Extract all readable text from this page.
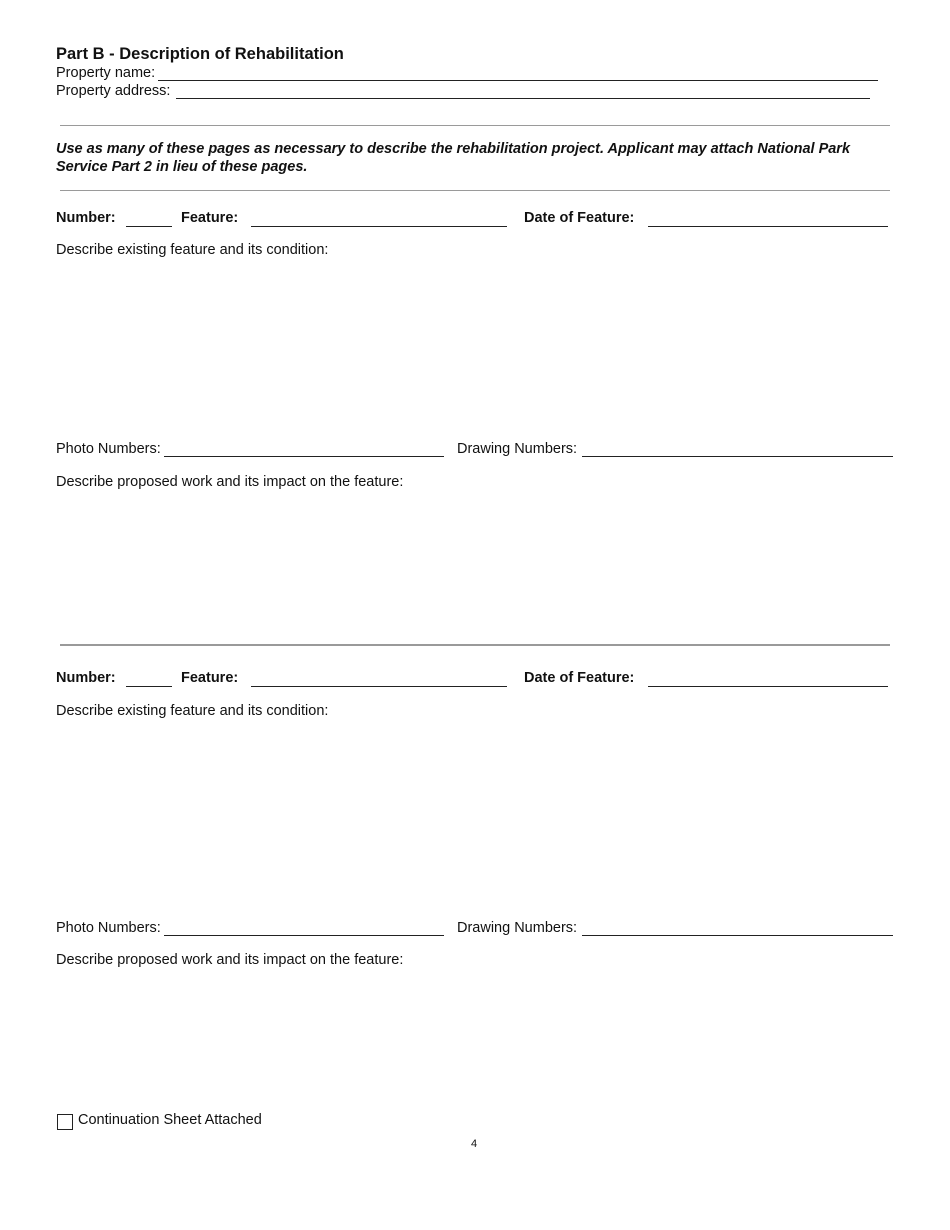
Part B - Description of Rehabilitation
Property name:
Property address:
Use as many of these pages as necessary to describe the rehabilitation project. Applicant may attach National Park
Service Part 2 in lieu of these pages.
Number:	Feature:	Date of Feature:
Describe existing feature and its condition:
Photo Numbers:	Drawing Numbers:
Describe proposed work and its impact on the feature:
Number:	Feature:	Date of Feature:
Describe existing feature and its condition:
Photo Numbers:	Drawing Numbers:
Describe proposed work and its impact on the feature:
Continuation Sheet Attached
4
